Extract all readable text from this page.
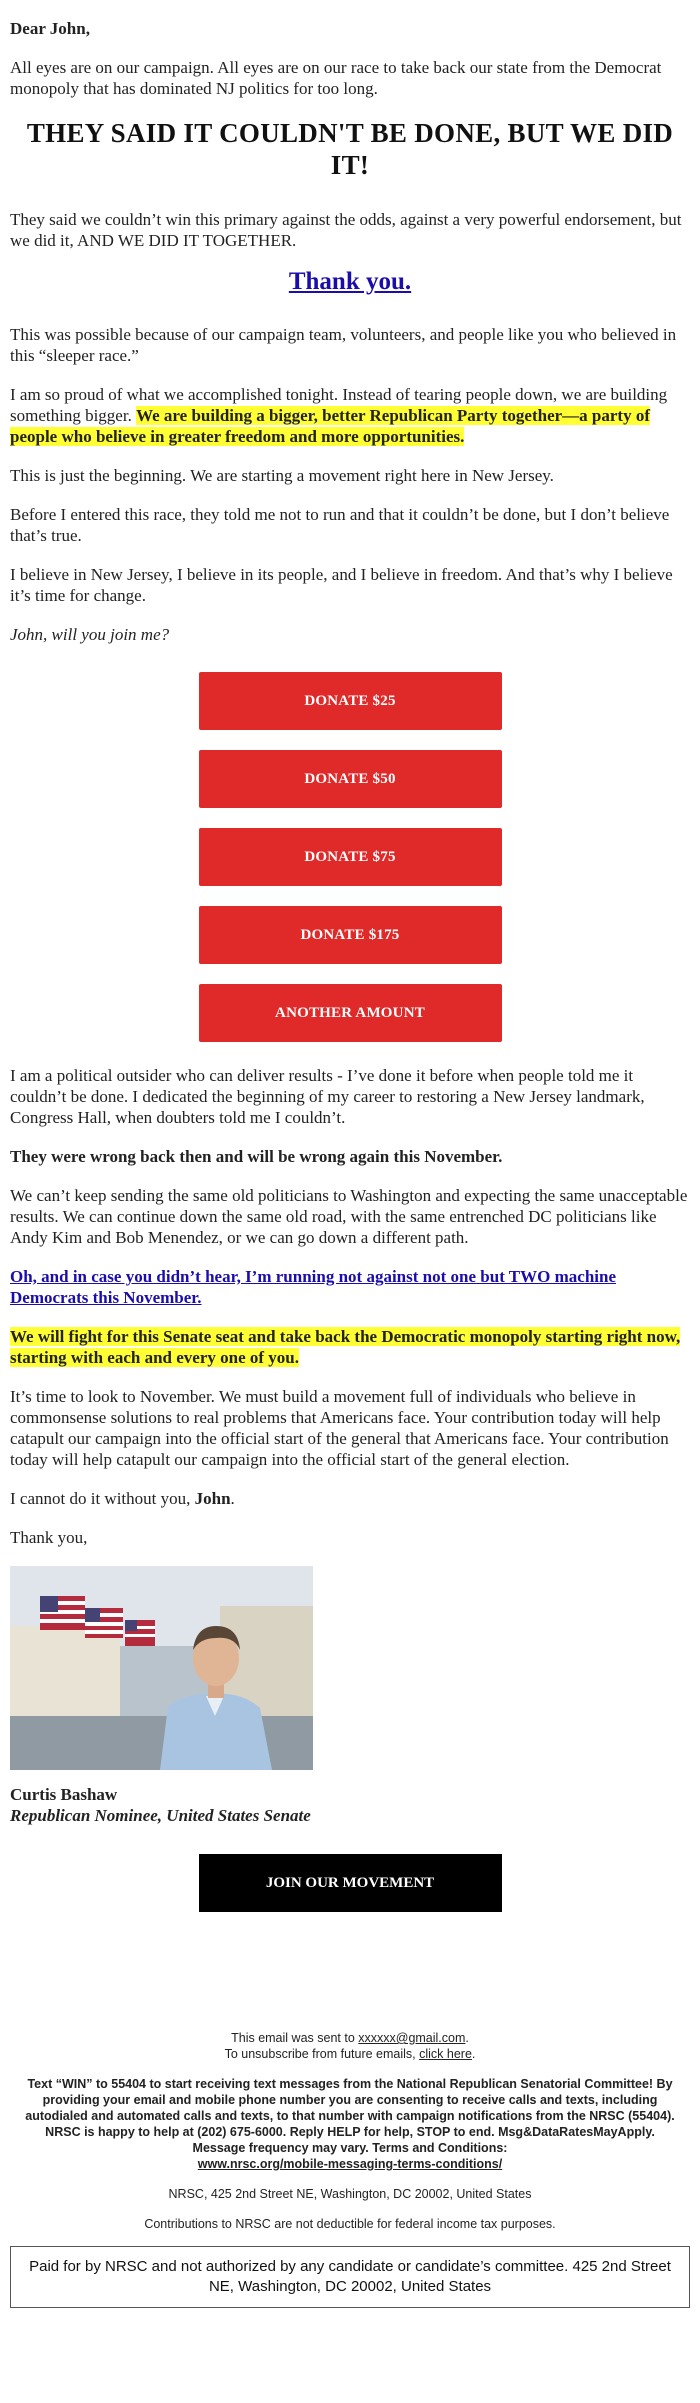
Dear John,

All eyes are on our campaign. All eyes are on our race to take back our state from the Democrat monopoly that has dominated NJ politics for too long.

THEY SAID IT COULDN'T BE DONE, BUT WE DID IT!

They said we couldn’t win this primary against the odds, against a very powerful endorsement, but we did it, AND WE DID IT TOGETHER.

Thank you.

This was possible because of our campaign team, volunteers, and people like you who believed in this “sleeper race.”

I am so proud of what we accomplished tonight. Instead of tearing people down, we are building something bigger. We are building a bigger, better Republican Party together—a party of people who believe in greater freedom and more opportunities.

This is just the beginning. We are starting a movement right here in New Jersey.

Before I entered this race, they told me not to run and that it couldn’t be done, but I don’t believe that’s true.

I believe in New Jersey, I believe in its people, and I believe in freedom. And that’s why I believe it’s time for change.

John, will you join me?

DONATE $25
DONATE $50
DONATE $75
DONATE $175
ANOTHER AMOUNT

I am a political outsider who can deliver results - I’ve done it before when people told me it couldn’t be done. I dedicated the beginning of my career to restoring a New Jersey landmark, Congress Hall, when doubters told me I couldn’t.

They were wrong back then and will be wrong again this November.

We can’t keep sending the same old politicians to Washington and expecting the same unacceptable results. We can continue down the same old road, with the same entrenched DC politicians like Andy Kim and Bob Menendez, or we can go down a different path.

Oh, and in case you didn’t hear, I’m running not against not one but TWO machine Democrats this November.

We will fight for this Senate seat and take back the Democratic monopoly starting right now, starting with each and every one of you.

It’s time to look to November. We must build a movement full of individuals who believe in commonsense solutions to real problems that Americans face. Your contribution today will help catapult our campaign into the official start of the general that Americans face. Your contribution today will help catapult our campaign into the official start of the general election.

I cannot do it without you, John.

Thank you,

Curtis Bashaw

Republican Nominee, United States Senate

JOIN OUR MOVEMENT

This email was sent to xxxxxx@gmail.com.

To unsubscribe from future emails, click here.

Text “WIN” to 55404 to start receiving text messages from the National Republican Senatorial Committee! By providing your email and mobile phone number you are consenting to receive calls and texts, including autodialed and automated calls and texts, to that number with campaign notifications from the NRSC (55404). NRSC is happy to help at (202) 675-6000. Reply HELP for help, STOP to end. Msg&DataRatesMayApply. Message frequency may vary. Terms and Conditions:
www.nrsc.org/mobile-messaging-terms-conditions/

NRSC, 425 2nd Street NE, Washington, DC 20002, United States

Contributions to NRSC are not deductible for federal income tax purposes.

Paid for by NRSC and not authorized by any candidate or candidate’s committee. 425 2nd Street NE, Washington, DC 20002, United States
